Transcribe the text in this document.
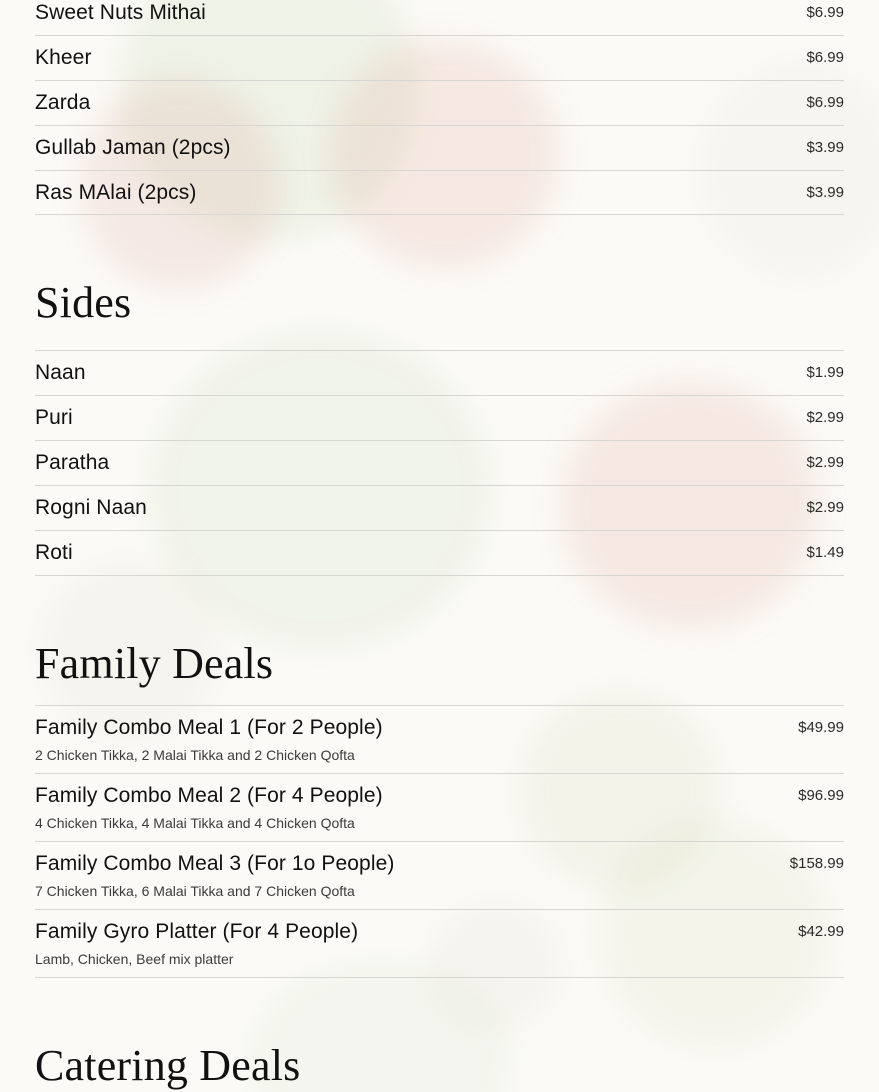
Sweet Nuts Mithai	$6.99
Kheer	$6.99
Zarda	$6.99
Gullab Jaman (2pcs)	$3.99
Ras MAlai (2pcs)	$3.99
Sides
Naan	$1.99
Puri	$2.99
Paratha	$2.99
Rogni Naan	$2.99
Roti	$1.49
Family Deals
Family Combo Meal 1 (For 2 People)
2 Chicken Tikka, 2 Malai Tikka and 2 Chicken Qofta
$49.99
Family Combo Meal 2 (For 4 People)
4 Chicken Tikka, 4 Malai Tikka and 4 Chicken Qofta
$96.99
Family Combo Meal 3 (For 1o People)
7 Chicken Tikka, 6 Malai Tikka and 7 Chicken Qofta
$158.99
Family Gyro Platter (For 4 People)
Lamb, Chicken, Beef mix platter
$42.99
Catering Deals
